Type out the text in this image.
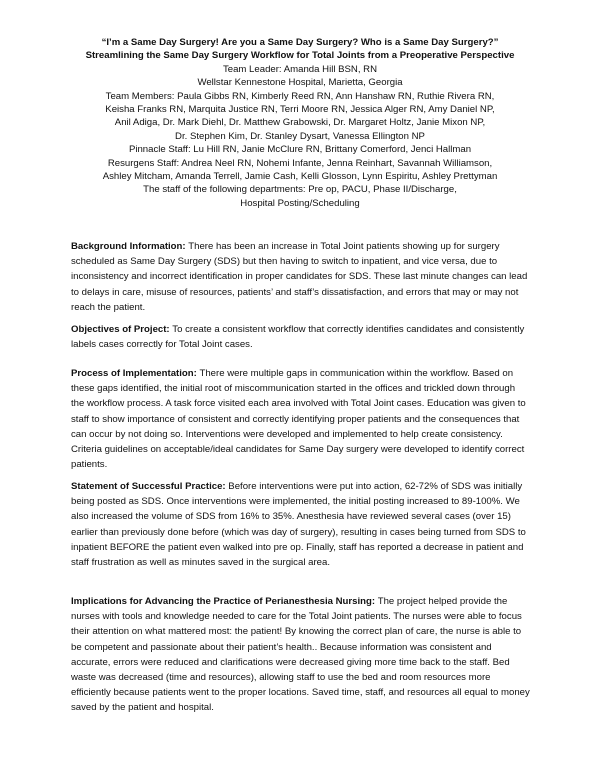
“I’m a Same Day Surgery! Are you a Same Day Surgery? Who is a Same Day Surgery?”
Streamlining the Same Day Surgery Workflow for Total Joints from a Preoperative Perspective
Team Leader: Amanda Hill BSN, RN
Wellstar Kennestone Hospital, Marietta, Georgia
Team Members: Paula Gibbs RN, Kimberly Reed RN, Ann Hanshaw RN, Ruthie Rivera RN,
Keisha Franks RN, Marquita Justice RN, Terri Moore RN, Jessica Alger RN, Amy Daniel NP,
Anil Adiga, Dr. Mark Diehl, Dr. Matthew Grabowski, Dr. Margaret Holtz, Janie Mixon NP,
Dr. Stephen Kim, Dr. Stanley Dysart, Vanessa Ellington NP
Pinnacle Staff: Lu Hill RN, Janie McClure RN, Brittany Comerford, Jenci Hallman
Resurgens Staff: Andrea Neel RN, Nohemi Infante, Jenna Reinhart, Savannah Williamson,
Ashley Mitcham, Amanda Terrell, Jamie Cash, Kelli Glosson, Lynn Espiritu, Ashley Prettyman
The staff of the following departments: Pre op, PACU, Phase II/Discharge,
Hospital Posting/Scheduling
Background Information: There has been an increase in Total Joint patients showing up for surgery scheduled as Same Day Surgery (SDS) but then having to switch to inpatient, and vice versa, due to inconsistency and incorrect identification in proper candidates for SDS. These last minute changes can lead to delays in care, misuse of resources, patients’ and staff’s dissatisfaction, and errors that may or may not reach the patient.
Objectives of Project: To create a consistent workflow that correctly identifies candidates and consistently labels cases correctly for Total Joint cases.
Process of Implementation: There were multiple gaps in communication within the workflow. Based on these gaps identified, the initial root of miscommunication started in the offices and trickled down through the workflow process. A task force visited each area involved with Total Joint cases. Education was given to staff to show importance of consistent and correctly identifying proper patients and the consequences that can occur by not doing so. Interventions were developed and implemented to help create consistency. Criteria guidelines on acceptable/ideal candidates for Same Day surgery were developed to identify correct patients.
Statement of Successful Practice: Before interventions were put into action, 62-72% of SDS was initially being posted as SDS. Once interventions were implemented, the initial posting increased to 89-100%. We also increased the volume of SDS from 16% to 35%. Anesthesia have reviewed several cases (over 15) earlier than previously done before (which was day of surgery), resulting in cases being turned from SDS to inpatient BEFORE the patient even walked into pre op. Finally, staff has reported a decrease in patient and staff frustration as well as minutes saved in the surgical area.
Implications for Advancing the Practice of Perianesthesia Nursing: The project helped provide the nurses with tools and knowledge needed to care for the Total Joint patients. The nurses were able to focus their attention on what mattered most: the patient! By knowing the correct plan of care, the nurse is able to be competent and passionate about their patient’s health.. Because information was consistent and accurate, errors were reduced and clarifications were decreased giving more time back to the staff. Bed waste was decreased (time and resources), allowing staff to use the bed and room resources more efficiently because patients went to the proper locations. Saved time, staff, and resources all equal to money saved by the patient and hospital.
